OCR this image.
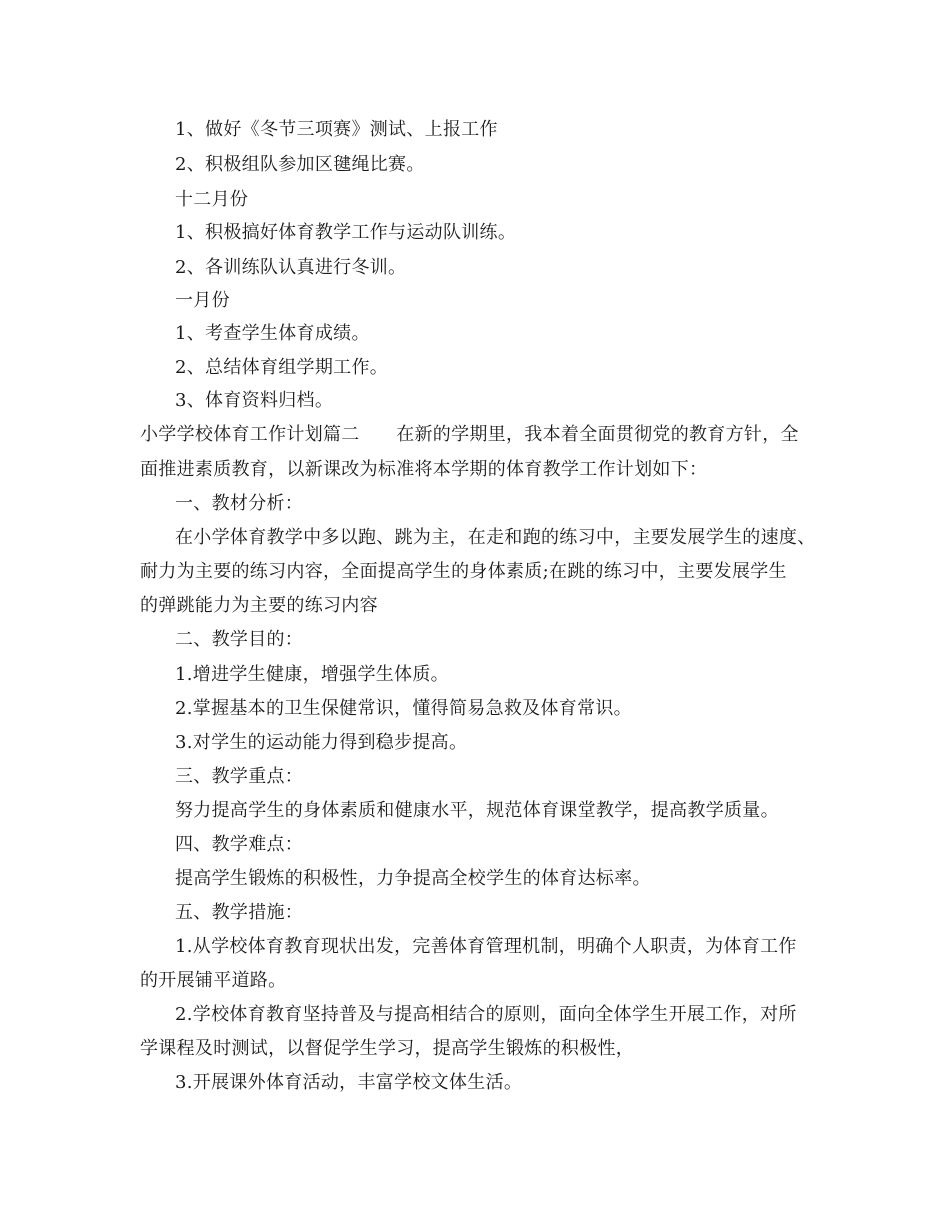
1、做好《冬节三项赛》测试、上报工作
2、积极组队参加区毽绳比赛。
十二月份
1、积极搞好体育教学工作与运动队训练。
2、各训练队认真进行冬训。
一月份
1、考查学生体育成绩。
2、总结体育组学期工作。
3、体育资料归档。
小学学校体育工作计划篇二　　在新的学期里，我本着全面贯彻党的教育方针，全
面推进素质教育，以新课改为标准将本学期的体育教学工作计划如下：
一、教材分析：
在小学体育教学中多以跑、跳为主，在走和跑的练习中，主要发展学生的速度、
耐力为主要的练习内容，全面提高学生的身体素质;在跳的练习中，主要发展学生
的弹跳能力为主要的练习内容
二、教学目的：
1.增进学生健康，增强学生体质。
2.掌握基本的卫生保健常识，懂得简易急救及体育常识。
3.对学生的运动能力得到稳步提高。
三、教学重点：
努力提高学生的身体素质和健康水平，规范体育课堂教学，提高教学质量。
四、教学难点：
提高学生锻炼的积极性，力争提高全校学生的体育达标率。
五、教学措施：
1.从学校体育教育现状出发，完善体育管理机制，明确个人职责，为体育工作
的开展铺平道路。
2.学校体育教育坚持普及与提高相结合的原则，面向全体学生开展工作，对所
学课程及时测试，以督促学生学习，提高学生锻炼的积极性，
3.开展课外体育活动，丰富学校文体生活。
